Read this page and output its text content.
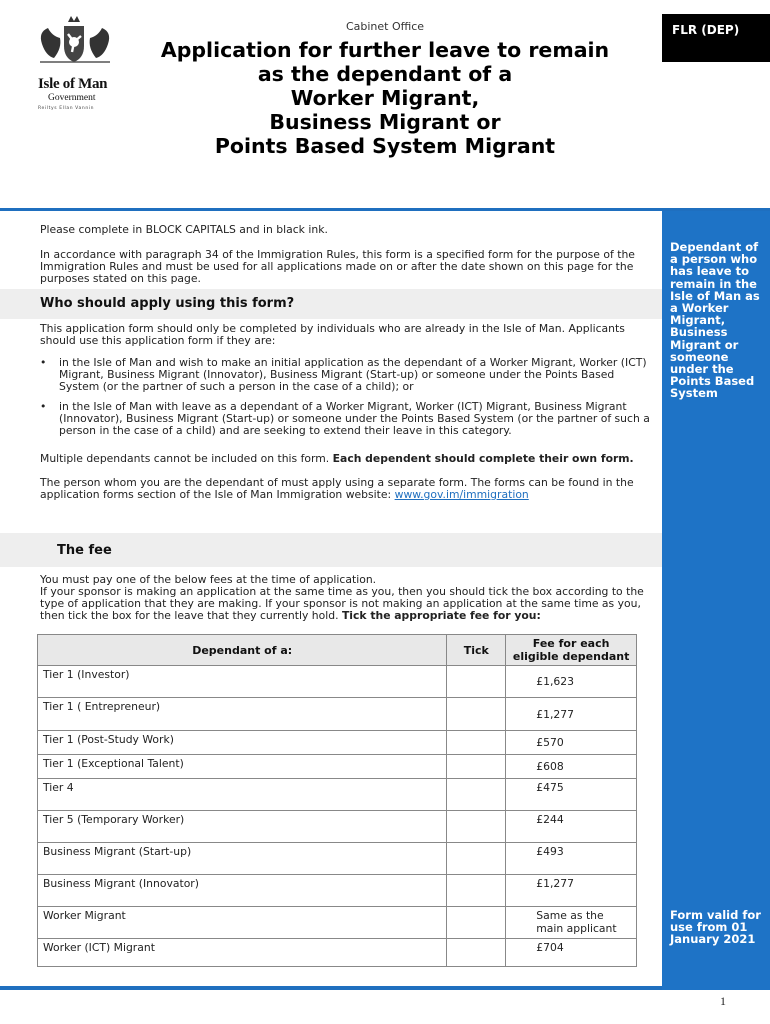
Isle of Man
Government
Reiltys Ellan Vannin
Cabinet Office
Application for further leave to remain
as the dependant of a
Worker Migrant,
Business Migrant or
Points Based System Migrant
FLR (DEP)
Dependant of a person who has leave to remain in the Isle of Man as a Worker Migrant, Business Migrant or someone under the Points Based System
Form valid for use from 01 January 2021
Please complete in BLOCK CAPITALS and in black ink.
In accordance with paragraph 34 of the Immigration Rules, this form is a specified form for the purpose of the Immigration Rules and must be used for all applications made on or after the date shown on this page for the purposes stated on this page.
Who should apply using this form?
This application form should only be completed by individuals who are already in the Isle of Man. Applicants should use this application form if they are:
• in the Isle of Man and wish to make an initial application as the dependant of a Worker Migrant, Worker (ICT) Migrant, Business Migrant (Innovator), Business Migrant (Start-up) or someone under the Points Based System (or the partner of such a person in the case of a child); or
• in the Isle of Man with leave as a dependant of a Worker Migrant, Worker (ICT) Migrant, Business Migrant (Innovator), Business Migrant (Start-up) or someone under the Points Based System (or the partner of such a person in the case of a child) and are seeking to extend their leave in this category.
Multiple dependants cannot be included on this form. Each dependent should complete their own form.
The person whom you are the dependant of must apply using a separate form. The forms can be found in the application forms section of the Isle of Man Immigration website: www.gov.im/immigration
The fee
You must pay one of the below fees at the time of application.
If your sponsor is making an application at the same time as you, then you should tick the box according to the type of application that they are making. If your sponsor is not making an application at the same time as you, then tick the box for the leave that they currently hold. Tick the appropriate fee for you:
Dependant of a:	Tick	Fee for each eligible dependant
Tier 1 (Investor)		£1,623
Tier 1 ( Entrepreneur)		£1,277
Tier 1 (Post-Study Work)		£570
Tier 1 (Exceptional Talent)		£608
Tier 4		£475
Tier 5 (Temporary Worker)		£244
Business Migrant (Start-up)		£493
Business Migrant (Innovator)		£1,277
Worker Migrant		Same as the main applicant
Worker (ICT) Migrant		£704
1
